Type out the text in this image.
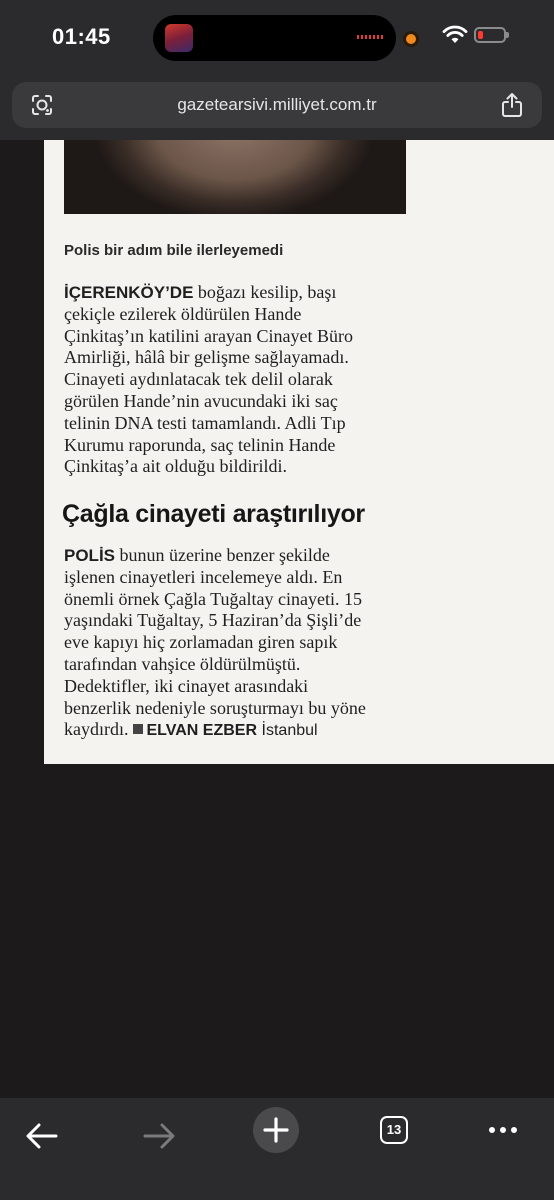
01:45
gazetearsivi.milliyet.com.tr
Polis bir adım bile ilerleyemedi
İÇERENKÖY’DE boğazı kesilip, başı
çekiçle ezilerek öldürülen Hande
Çinkitaş’ın katilini arayan Cinayet Büro
Amirliği, hâlâ bir gelişme sağlayamadı.
Cinayeti aydınlatacak tek delil olarak
görülen Hande’nin avucundaki iki saç
telinin DNA testi tamamlandı. Adli Tıp
Kurumu raporunda, saç telinin Hande
Çinkitaş’a ait olduğu bildirildi.
Çağla cinayeti araştırılıyor
POLİS bunun üzerine benzer şekilde
işlenen cinayetleri incelemeye aldı. En
önemli örnek Çağla Tuğaltay cinayeti. 15
yaşındaki Tuğaltay, 5 Haziran’da Şişli’de
eve kapıyı hiç zorlamadan giren sapık
tarafından vahşice öldürülmüştü.
Dedektifler, iki cinayet arasındaki
benzerlik nedeniyle soruşturmayı bu yöne
kaydırdı. ELVAN EZBER İstanbul
13
